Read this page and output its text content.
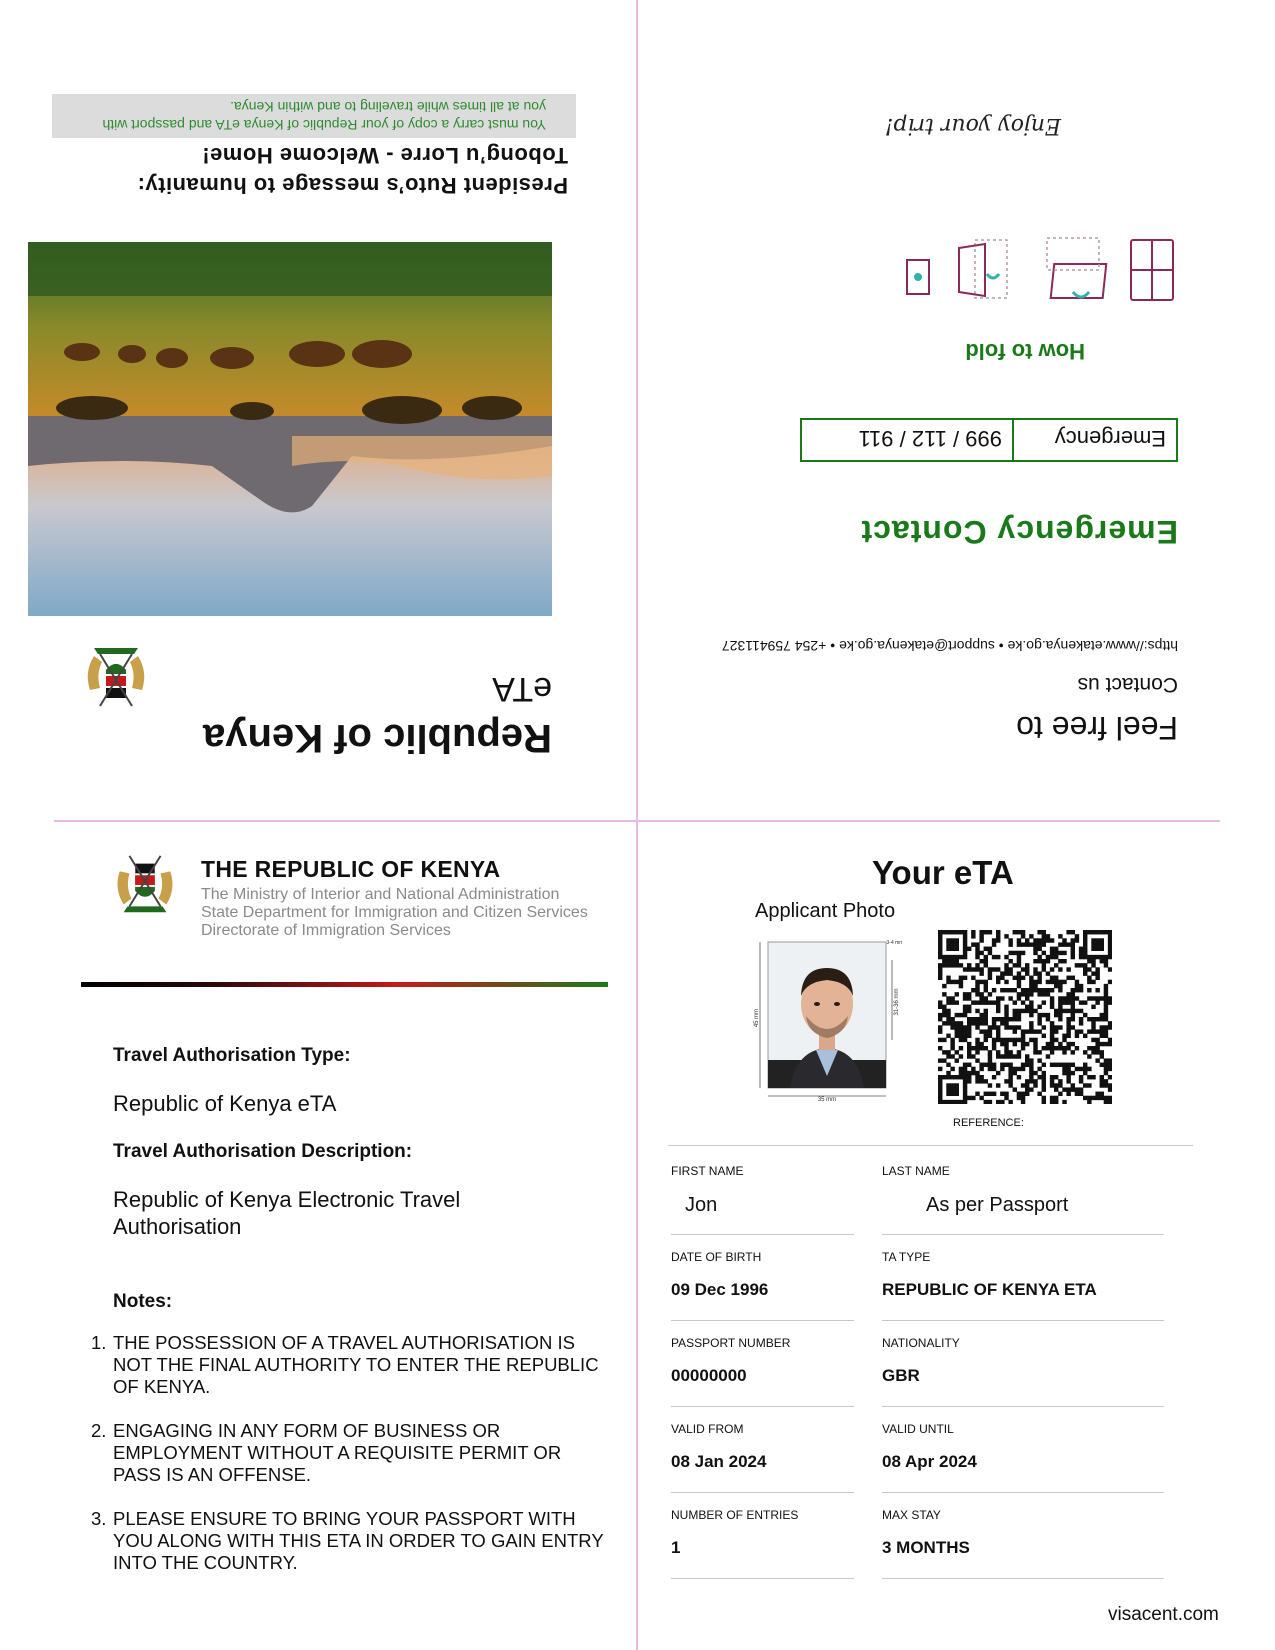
You must carry a copy of your Republic of Kenya eTA and passport with you at all times while traveling to and within Kenya.
President Ruto’s message to humanity: Tobong’u Lorre - Welcome Home!
eTA
Republic of Kenya
Enjoy your trip!
How to fold
Emergency
999 / 112 / 911
Emergency Contact
https://www.etakenya.go.ke • support@etakenya.go.ke • +254 759411327
Contact us
Feel free to
THE REPUBLIC OF KENYA
The Ministry of Interior and National Administration
State Department for Immigration and Citizen Services
Directorate of Immigration Services
Travel Authorisation Type:
Republic of Kenya eTA
Travel Authorisation Description:
Republic of Kenya Electronic Travel Authorisation
Notes:
1. THE POSSESSION OF A TRAVEL AUTHORISATION IS NOT THE FINAL AUTHORITY TO ENTER THE REPUBLIC OF KENYA.
2. ENGAGING IN ANY FORM OF BUSINESS OR EMPLOYMENT WITHOUT A REQUISITE PERMIT OR PASS IS AN OFFENSE.
3. PLEASE ENSURE TO BRING YOUR PASSPORT WITH YOU ALONG WITH THIS ETA IN ORDER TO GAIN ENTRY INTO THE COUNTRY.
Your eTA
Applicant Photo
45 mm
35 mm
31-36 mm
3-4 mm
REFERENCE:
FIRST NAME
Jon
LAST NAME
As per Passport
DATE OF BIRTH
09 Dec 1996
TA TYPE
REPUBLIC OF KENYA ETA
PASSPORT NUMBER
00000000
NATIONALITY
GBR
VALID FROM
08 Jan 2024
VALID UNTIL
08 Apr 2024
NUMBER OF ENTRIES
1
MAX STAY
3 MONTHS
visacent.com
